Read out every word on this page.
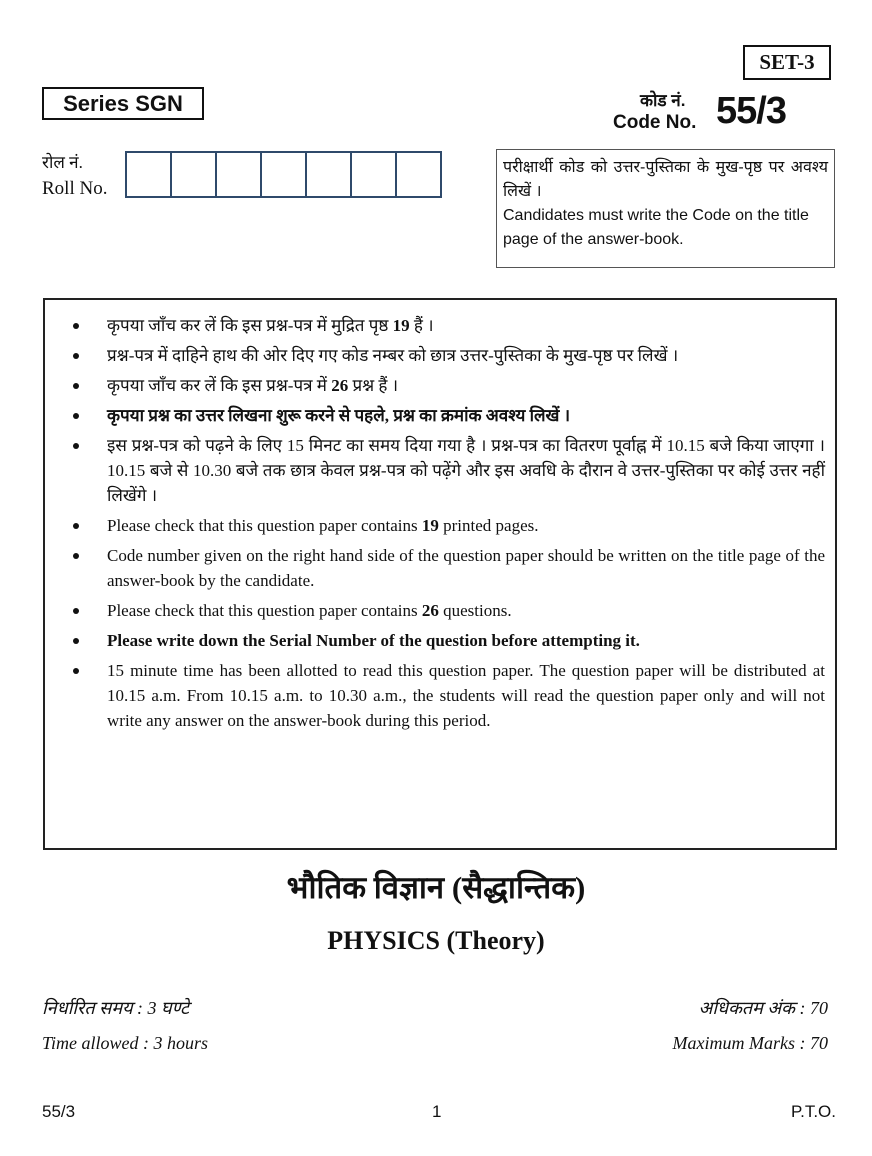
SET-3
Series SGN	कोड नं.
Code No. 55/3
रोल नं.
Roll No.
परीक्षार्थी कोड को उत्तर-पुस्तिका के मुख-पृष्ठ पर अवश्य लिखें ।
Candidates must write the Code on the title page of the answer-book.
कृपया जाँच कर लें कि इस प्रश्न-पत्र में मुद्रित पृष्ठ 19 हैं ।
प्रश्न-पत्र में दाहिने हाथ की ओर दिए गए कोड नम्बर को छात्र उत्तर-पुस्तिका के मुख-पृष्ठ पर लिखें ।
कृपया जाँच कर लें कि इस प्रश्न-पत्र में 26 प्रश्न हैं ।
कृपया प्रश्न का उत्तर लिखना शुरू करने से पहले, प्रश्न का क्रमांक अवश्य लिखें ।
इस प्रश्न-पत्र को पढ़ने के लिए 15 मिनट का समय दिया गया है । प्रश्न-पत्र का वितरण पूर्वाह्न में 10.15 बजे किया जाएगा । 10.15 बजे से 10.30 बजे तक छात्र केवल प्रश्न-पत्र को पढ़ेंगे और इस अवधि के दौरान वे उत्तर-पुस्तिका पर कोई उत्तर नहीं लिखेंगे ।
Please check that this question paper contains 19 printed pages.
Code number given on the right hand side of the question paper should be written on the title page of the answer-book by the candidate.
Please check that this question paper contains 26 questions.
Please write down the Serial Number of the question before attempting it.
15 minute time has been allotted to read this question paper. The question paper will be distributed at 10.15 a.m. From 10.15 a.m. to 10.30 a.m., the students will read the question paper only and will not write any answer on the answer-book during this period.
भौतिक विज्ञान (सैद्धान्तिक)
PHYSICS (Theory)
निर्धारित समय : 3 घण्टे	अधिकतम अंक : 70
Time allowed : 3 hours	Maximum Marks : 70
55/3	1	P.T.O.
